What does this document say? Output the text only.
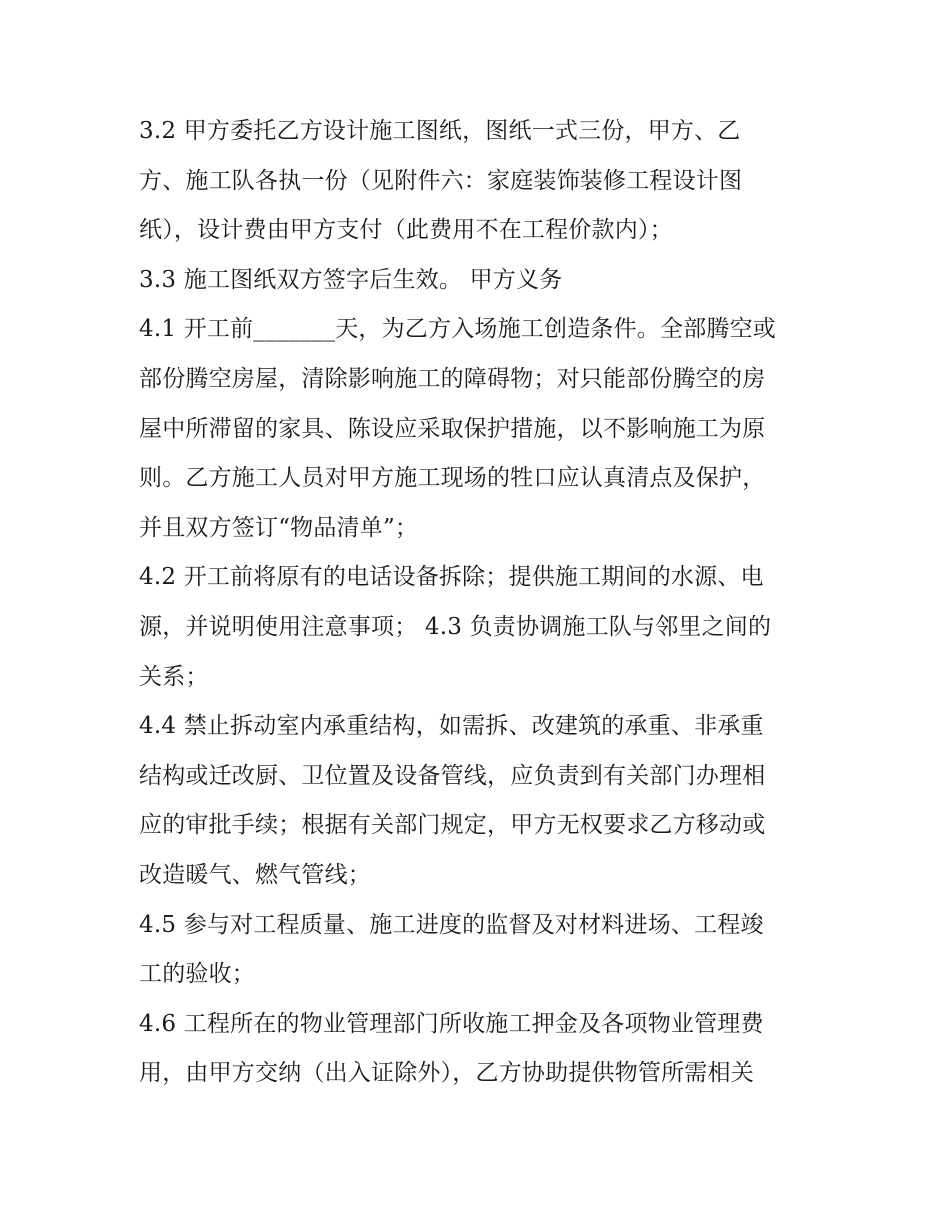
3.2 甲方委托乙方设计施工图纸，图纸一式三份，甲方、乙
方、施工队各执一份（见附件六：家庭装饰装修工程设计图
纸），设计费由甲方支付（此费用不在工程价款内）；
3.3 施工图纸双方签字后生效。 甲方义务
4.1 开工前_______天，为乙方入场施工创造条件。全部腾空或
部份腾空房屋，清除影响施工的障碍物；对只能部份腾空的房
屋中所滞留的家具、陈设应采取保护措施，以不影响施工为原
则。乙方施工人员对甲方施工现场的牲口应认真清点及保护，
并且双方签订“物品清单”；
4.2 开工前将原有的电话设备拆除；提供施工期间的水源、电
源，并说明使用注意事项； 4.3 负责协调施工队与邻里之间的
关系；
4.4 禁止拆动室内承重结构，如需拆、改建筑的承重、非承重
结构或迁改厨、卫位置及设备管线，应负责到有关部门办理相
应的审批手续；根据有关部门规定，甲方无权要求乙方移动或
改造暖气、燃气管线；
4.5 参与对工程质量、施工进度的监督及对材料进场、工程竣
工的验收；
4.6 工程所在的物业管理部门所收施工押金及各项物业管理费
用，由甲方交纳（出入证除外），乙方协助提供物管所需相关
